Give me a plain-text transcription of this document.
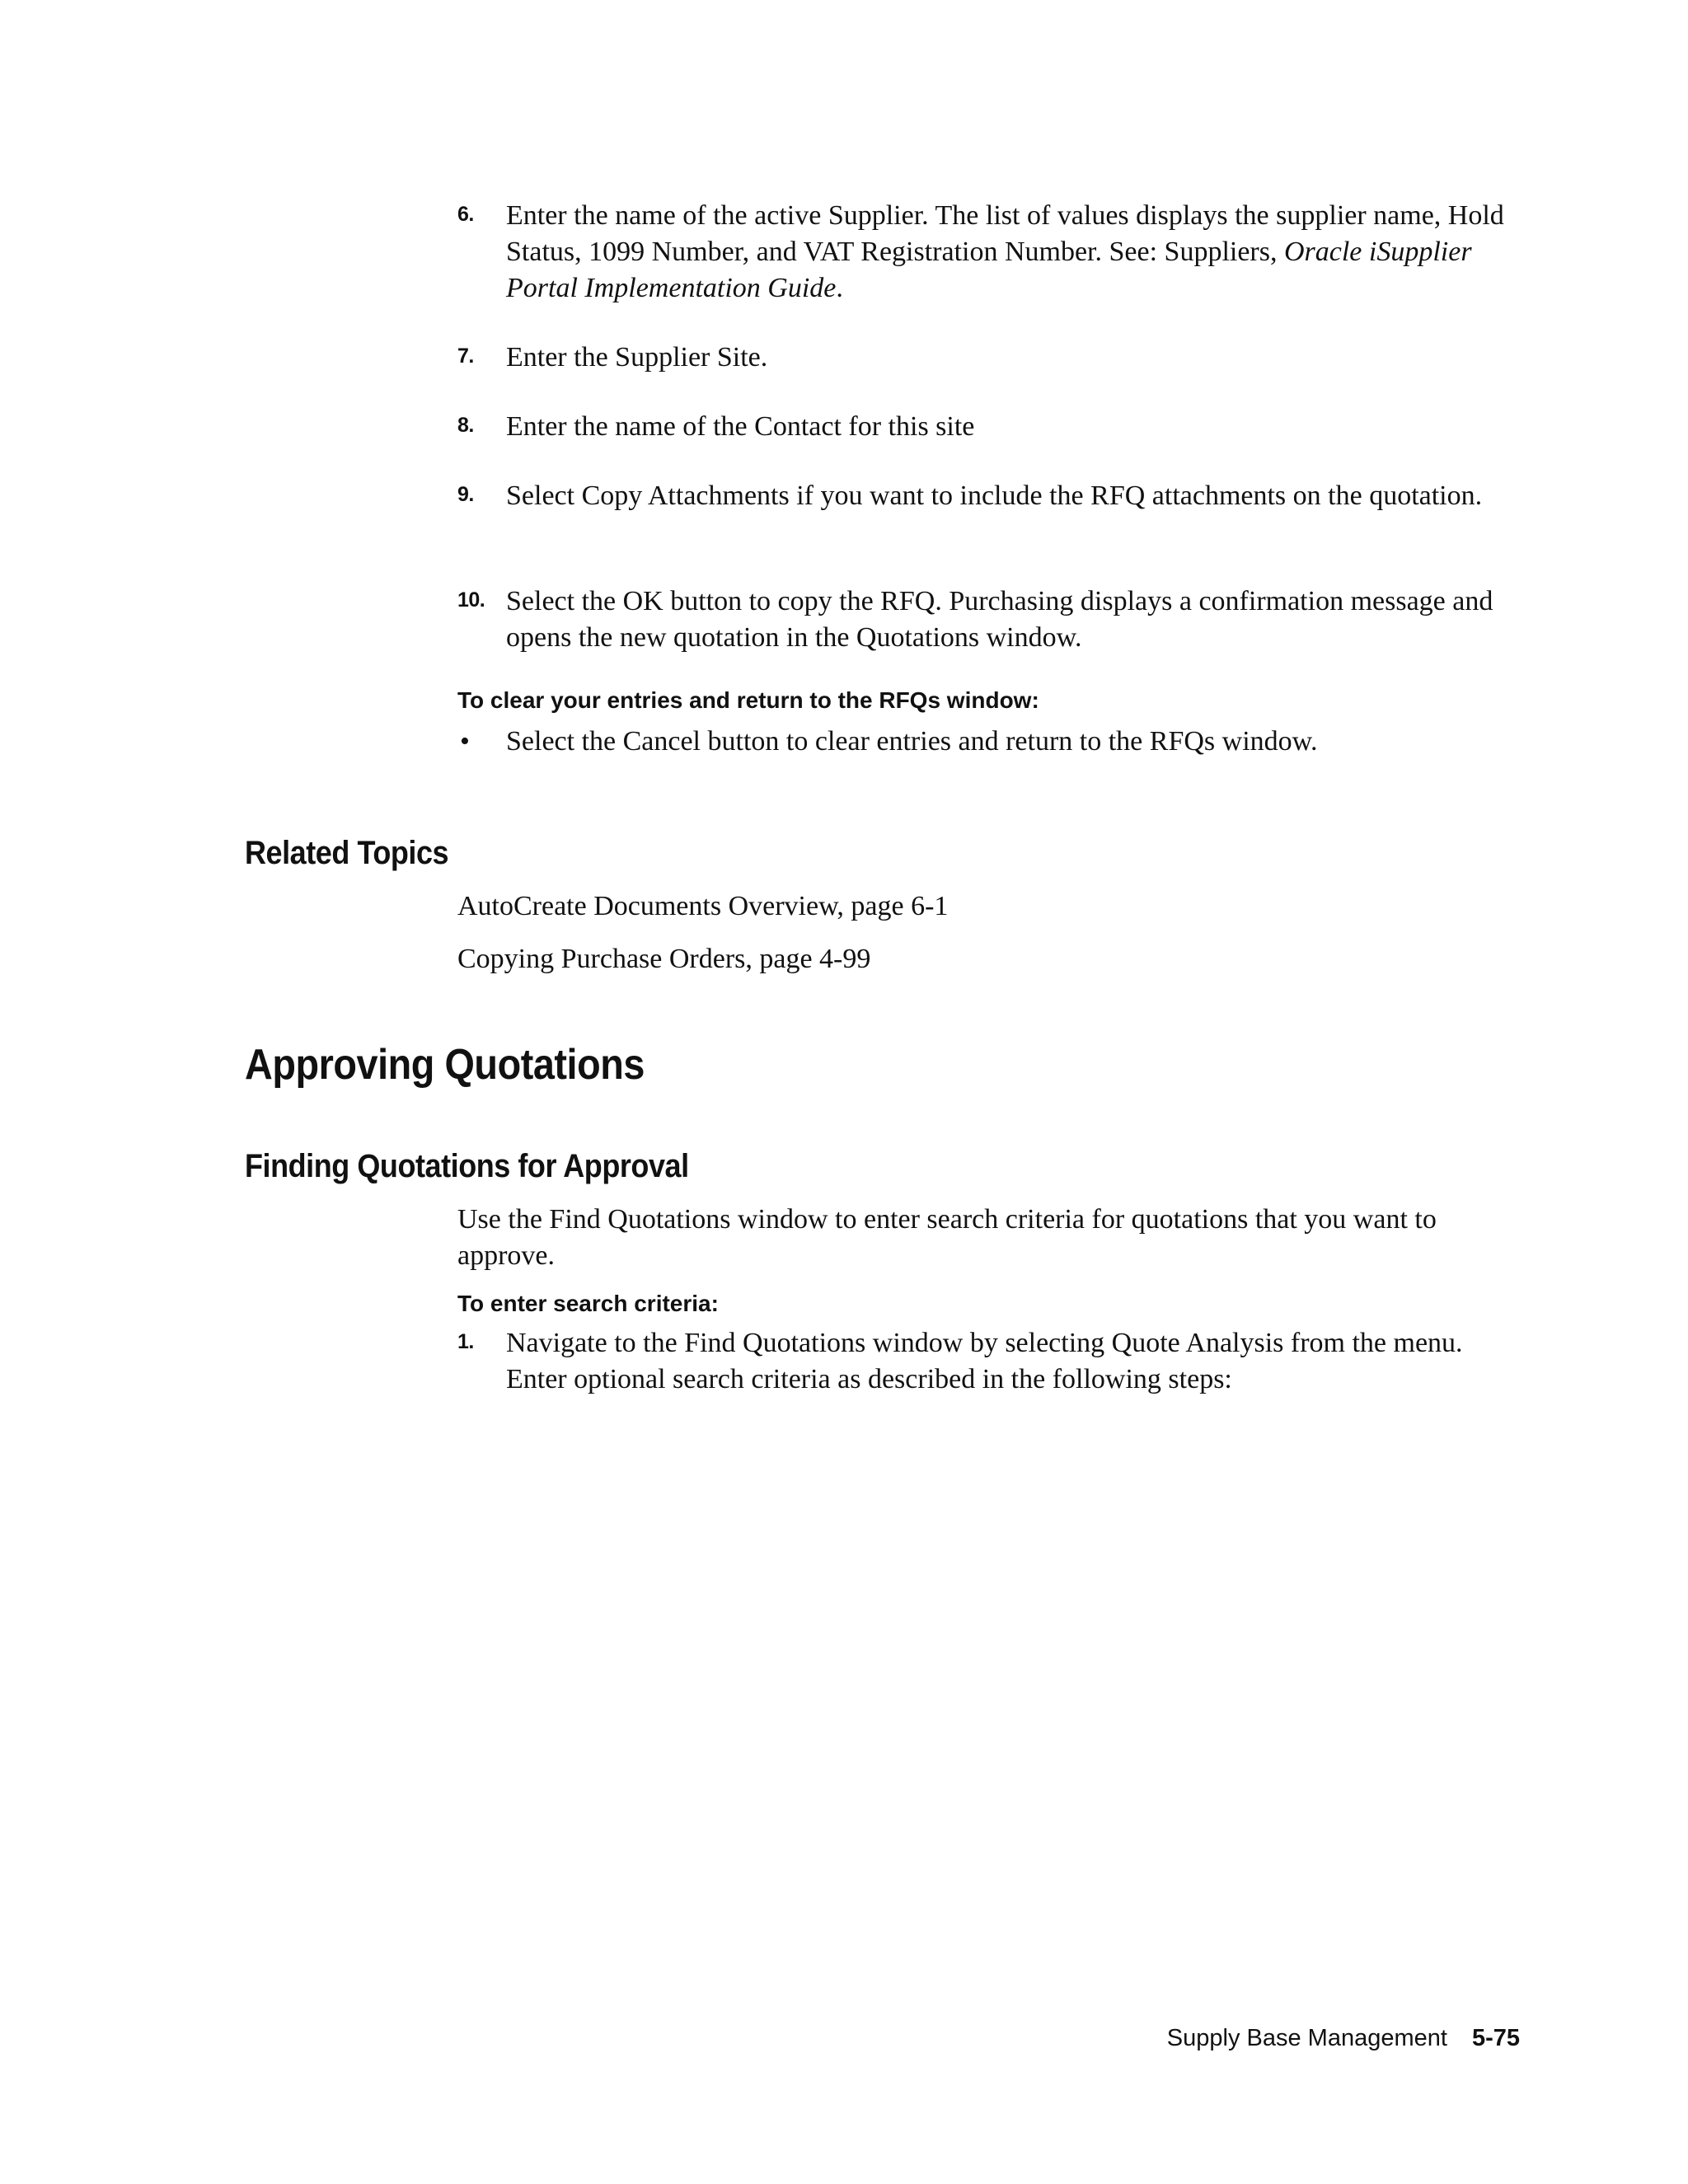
6. Enter the name of the active Supplier. The list of values displays the supplier name, Hold Status, 1099 Number, and VAT Registration Number. See: Suppliers, Oracle iSupplier Portal Implementation Guide.
7. Enter the Supplier Site.
8. Enter the name of the Contact for this site
9. Select Copy Attachments if you want to include the RFQ attachments on the quotation.
10. Select the OK button to copy the RFQ. Purchasing displays a confirmation message and opens the new quotation in the Quotations window.
To clear your entries and return to the RFQs window:
• Select the Cancel button to clear entries and return to the RFQs window.
Related Topics
AutoCreate Documents Overview, page 6-1
Copying Purchase Orders, page 4-99
Approving Quotations
Finding Quotations for Approval
Use the Find Quotations window to enter search criteria for quotations that you want to approve.
To enter search criteria:
1. Navigate to the Find Quotations window by selecting Quote Analysis from the menu. Enter optional search criteria as described in the following steps:
Supply Base Management 5-75
